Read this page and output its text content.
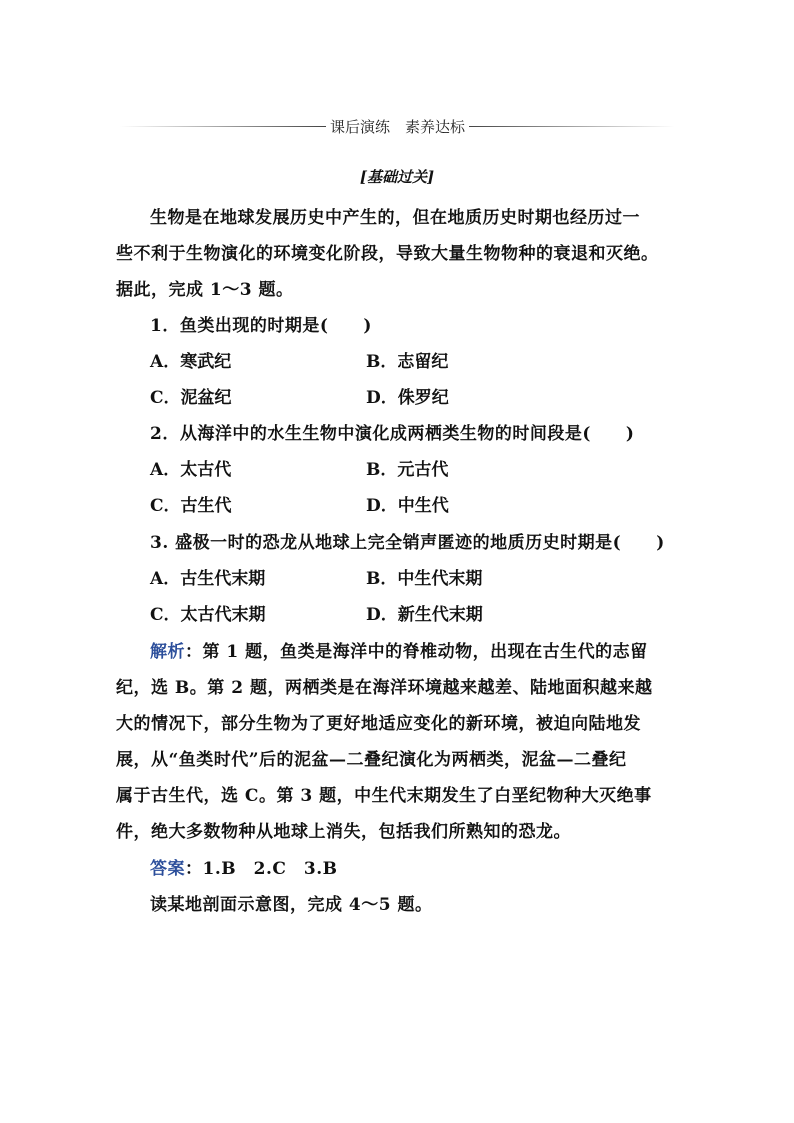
课后演练　素养达标
[基础过关]
生物是在地球发展历史中产生的，但在地质历史时期也经历过一
些不利于生物演化的环境变化阶段，导致大量生物物种的衰退和灭绝。
据此，完成 1～3 题。
1．鱼类出现的时期是(　　)
A．寒武纪	B．志留纪
C．泥盆纪	D．侏罗纪
2．从海洋中的水生生物中演化成两栖类生物的时间段是(　　)
A．太古代	B．元古代
C．古生代	D．中生代
3. 盛极一时的恐龙从地球上完全销声匿迹的地质历史时期是(　　)
A．古生代末期	B．中生代末期
C．太古代末期	D．新生代末期
解析：第 1 题，鱼类是海洋中的脊椎动物，出现在古生代的志留
纪，选 B。第 2 题，两栖类是在海洋环境越来越差、陆地面积越来越
大的情况下，部分生物为了更好地适应变化的新环境，被迫向陆地发
展，从“鱼类时代”后的泥盆—二叠纪演化为两栖类，泥盆—二叠纪
属于古生代，选 C。第 3 题，中生代末期发生了白垩纪物种大灭绝事
件，绝大多数物种从地球上消失，包括我们所熟知的恐龙。
答案：1.B　2.C　3.B
读某地剖面示意图，完成 4～5 题。
